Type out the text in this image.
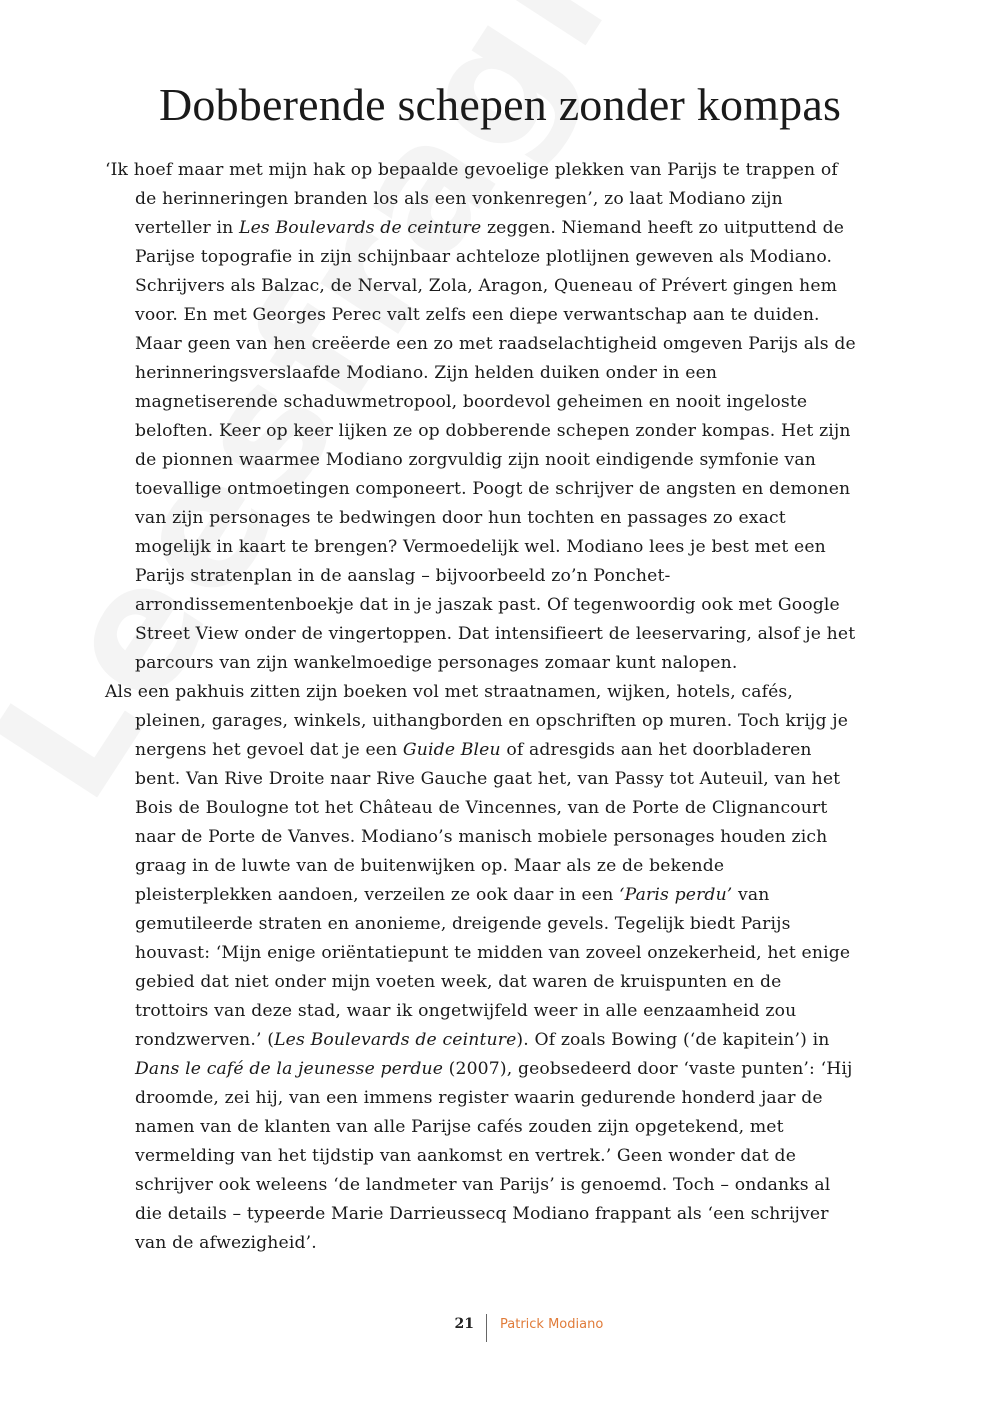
Dobberende schepen zonder kompas

‘Ik hoef maar met mijn hak op bepaalde gevoelige plekken van Parijs te trappen of de herinneringen branden los als een vonkenregen’, zo laat Modiano zijn verteller in Les Boulevards de ceinture zeggen. Niemand heeft zo uitputtend de Parijse topografie in zijn schijnbaar achteloze plotlijnen geweven als Modiano. Schrijvers als Balzac, de Nerval, Zola, Aragon, Queneau of Prévert gingen hem voor. En met Georges Perec valt zelfs een diepe verwantschap aan te duiden. Maar geen van hen creëerde een zo met raadselachtigheid omgeven Parijs als de herinneringsverslaafde Modiano. Zijn helden duiken onder in een magnetiserende schaduwmetropool, boordevol geheimen en nooit ingeloste beloften. Keer op keer lijken ze op dobberende schepen zonder kompas. Het zijn de pionnen waarmee Modiano zorgvuldig zijn nooit eindigende symfonie van toevallige ontmoetingen componeert. Poogt de schrijver de angsten en demonen van zijn personages te bedwingen door hun tochten en passages zo exact mogelijk in kaart te brengen? Vermoedelijk wel. Modiano lees je best met een Parijs stratenplan in de aanslag – bijvoorbeeld zo’n Ponchet-arrondissementenboekje dat in je jaszak past. Of tegenwoordig ook met Google Street View onder de vingertoppen. Dat intensifieert de leeservaring, alsof je het parcours van zijn wankelmoedige personages zomaar kunt nalopen.

Als een pakhuis zitten zijn boeken vol met straatnamen, wijken, hotels, cafés, pleinen, garages, winkels, uithangborden en opschriften op muren. Toch krijg je nergens het gevoel dat je een Guide Bleu of adresgids aan het doorbladeren bent. Van Rive Droite naar Rive Gauche gaat het, van Passy tot Auteuil, van het Bois de Boulogne tot het Château de Vincennes, van de Porte de Clignancourt naar de Porte de Vanves. Modiano’s manisch mobiele personages houden zich graag in de luwte van de buitenwijken op. Maar als ze de bekende pleisterplekken aandoen, verzeilen ze ook daar in een ‘Paris perdu’ van gemutileerde straten en anonieme, dreigende gevels. Tegelijk biedt Parijs houvast: ‘Mijn enige oriëntatiepunt te midden van zoveel onzekerheid, het enige gebied dat niet onder mijn voeten week, dat waren de kruispunten en de trottoirs van deze stad, waar ik ongetwijfeld weer in alle eenzaamheid zou rondzwerven.’ (Les Boulevards de ceinture). Of zoals Bowing (‘de kapitein’) in Dans le café de la jeunesse perdue (2007), geobsedeerd door ‘vaste punten’: ‘Hij droomde, zei hij, van een immens register waarin gedurende honderd jaar de namen van de klanten van alle Parijse cafés zouden zijn opgetekend, met vermelding van het tijdstip van aankomst en vertrek.’ Geen wonder dat de schrijver ook weleens ‘de landmeter van Parijs’ is genoemd. Toch – ondanks al die details – typeerde Marie Darrieussecq Modiano frappant als ‘een schrijver van de afwezigheid’.

21 Patrick Modiano
